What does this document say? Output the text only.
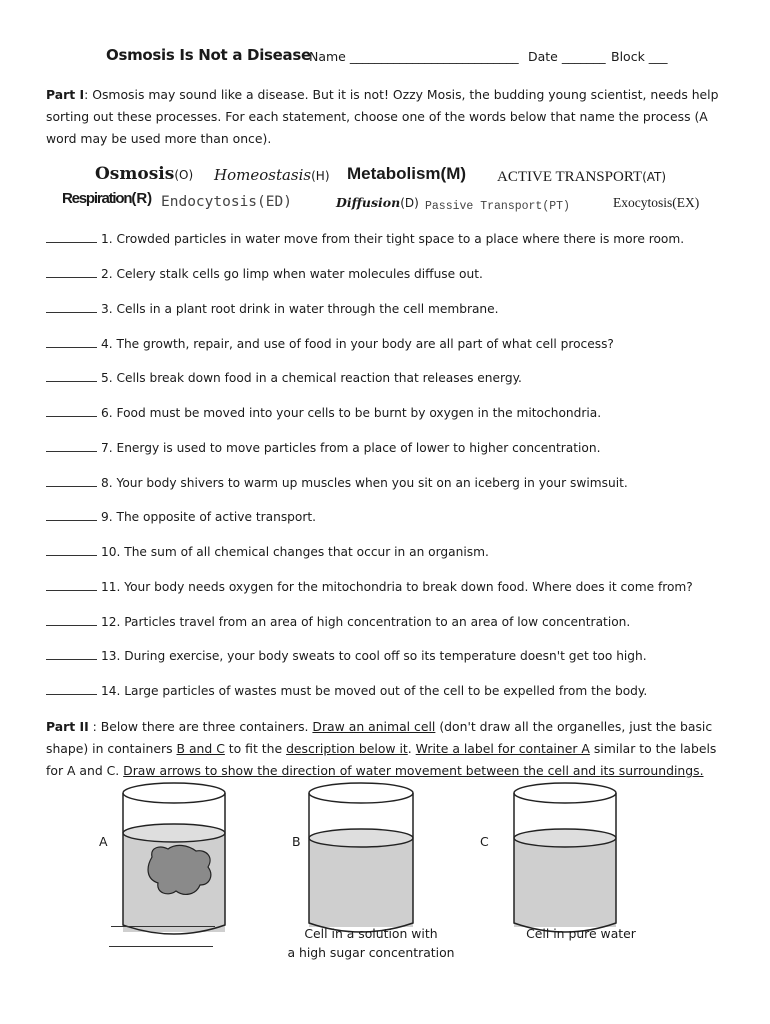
Osmosis Is Not a Disease
Name ___________________________ Date _______ Block ___
Part I: Osmosis may sound like a disease. But it is not! Ozzy Mosis, the budding young scientist, needs help sorting out these processes. For each statement, choose one of the words below that name the process (A word may be used more than once).
Osmosis(O) Homeostasis(H) Metabolism(M) ACTIVE TRANSPORT(AT)
Respiration(R) Endocytosis(ED)	Diffusion(D) Passive Transport(PT)	Exocytosis(EX)
1. Crowded particles in water move from their tight space to a place where there is more room.
2. Celery stalk cells go limp when water molecules diffuse out.
3. Cells in a plant root drink in water through the cell membrane.
4. The growth, repair, and use of food in your body are all part of what cell process?
5. Cells break down food in a chemical reaction that releases energy.
6. Food must be moved into your cells to be burnt by oxygen in the mitochondria.
7. Energy is used to move particles from a place of lower to higher concentration.
8. Your body shivers to warm up muscles when you sit on an iceberg in your swimsuit.
9. The opposite of active transport.
10. The sum of all chemical changes that occur in an organism.
11. Your body needs oxygen for the mitochondria to break down food. Where does it come from?
12. Particles travel from an area of high concentration to an area of low concentration.
13. During exercise, your body sweats to cool off so its temperature doesn't get too high.
14. Large particles of wastes must be moved out of the cell to be expelled from the body.
Part II : Below there are three containers. Draw an animal cell (don't draw all the organelles, just the basic shape) in containers B and C to fit the description below it. Write a label for container A similar to the labels for A and C. Draw arrows to show the direction of water movement between the cell and its surroundings.
A	B	C
Cell in a solution with
a high sugar concentration
Cell in pure water
